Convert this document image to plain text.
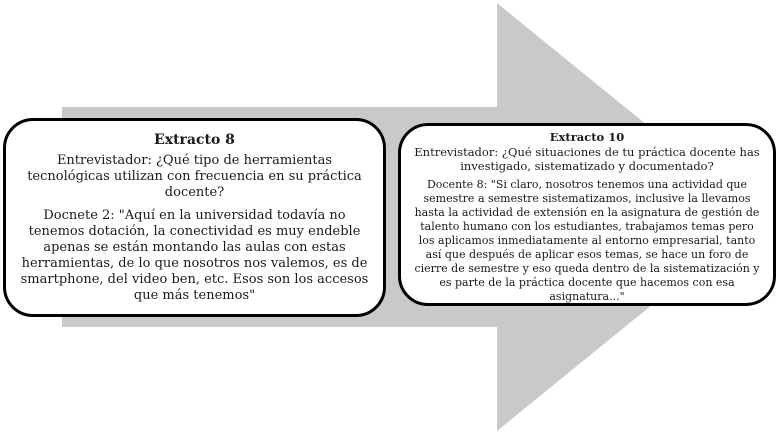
Extracto 8
Entrevistador: ¿Qué tipo de herramientas tecnológicas utilizan con frecuencia en su práctica docente?
Docnete 2: "Aquí en la universidad todavía no tenemos dotación, la conectividad es muy endeble apenas se están montando las aulas con estas herramientas, de lo que nosotros nos valemos, es de smartphone, del video ben, etc. Esos son los accesos que más tenemos"
Extracto 10
Entrevistador: ¿Qué situaciones de tu práctica docente has investigado, sistematizado y documentado?
Docente 8: "Si claro, nosotros tenemos una actividad que semestre a semestre sistematizamos, inclusive la llevamos hasta la actividad de extensión en la asignatura de gestión de talento humano con los estudiantes, trabajamos temas pero los aplicamos inmediatamente al entorno empresarial, tanto así que después de aplicar esos temas, se hace un foro de cierre de semestre y eso queda dentro de la sistematización y es parte de la práctica docente que hacemos con esa asignatura..."
